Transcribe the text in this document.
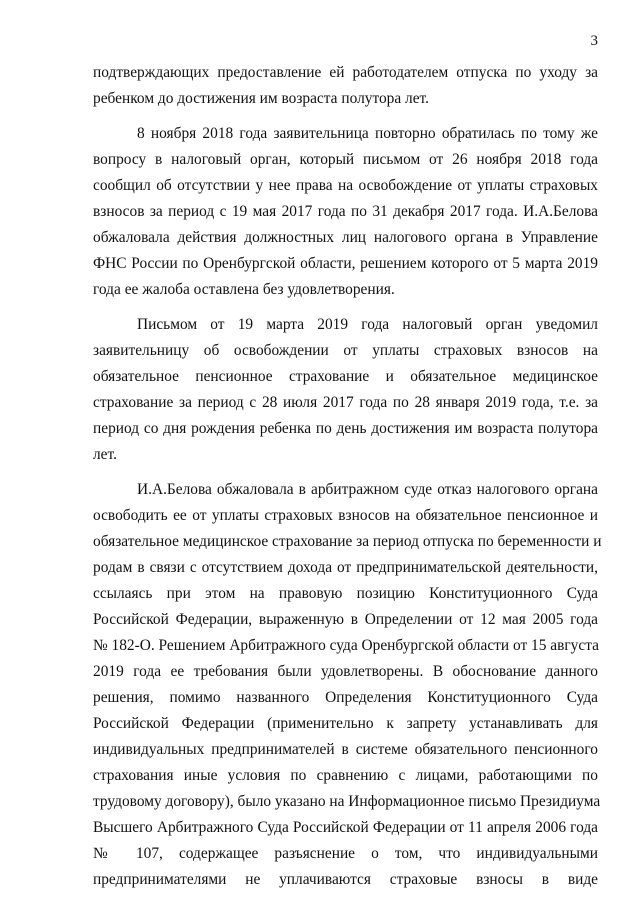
3
подтверждающих предоставление ей работодателем отпуска по уходу за
ребенком до достижения им возраста полутора лет.
8 ноября 2018 года заявительница повторно обратилась по тому же
вопросу в налоговый орган, который письмом от 26 ноября 2018 года
сообщил об отсутствии у нее права на освобождение от уплаты страховых
взносов за период с 19 мая 2017 года по 31 декабря 2017 года. И.А.Белова
обжаловала действия должностных лиц налогового органа в Управление
ФНС России по Оренбургской области, решением которого от 5 марта 2019
года ее жалоба оставлена без удовлетворения.
Письмом от 19 марта 2019 года налоговый орган уведомил
заявительницу об освобождении от уплаты страховых взносов на
обязательное пенсионное страхование и обязательное медицинское
страхование за период с 28 июля 2017 года по 28 января 2019 года, т.е. за
период со дня рождения ребенка по день достижения им возраста полутора
лет.
И.А.Белова обжаловала в арбитражном суде отказ налогового органа
освободить ее от уплаты страховых взносов на обязательное пенсионное и
обязательное медицинское страхование за период отпуска по беременности и
родам в связи с отсутствием дохода от предпринимательской деятельности,
ссылаясь при этом на правовую позицию Конституционного Суда
Российской Федерации, выраженную в Определении от 12 мая 2005 года
№ 182-О. Решением Арбитражного суда Оренбургской области от 15 августа
2019 года ее требования были удовлетворены. В обоснование данного
решения, помимо названного Определения Конституционного Суда
Российской Федерации (применительно к запрету устанавливать для
индивидуальных предпринимателей в системе обязательного пенсионного
страхования иные условия по сравнению с лицами, работающими по
трудовому договору), было указано на Информационное письмо Президиума
Высшего Арбитражного Суда Российской Федерации от 11 апреля 2006 года
№ 107, содержащее разъяснение о том, что индивидуальными
предпринимателями не уплачиваются страховые взносы в виде
